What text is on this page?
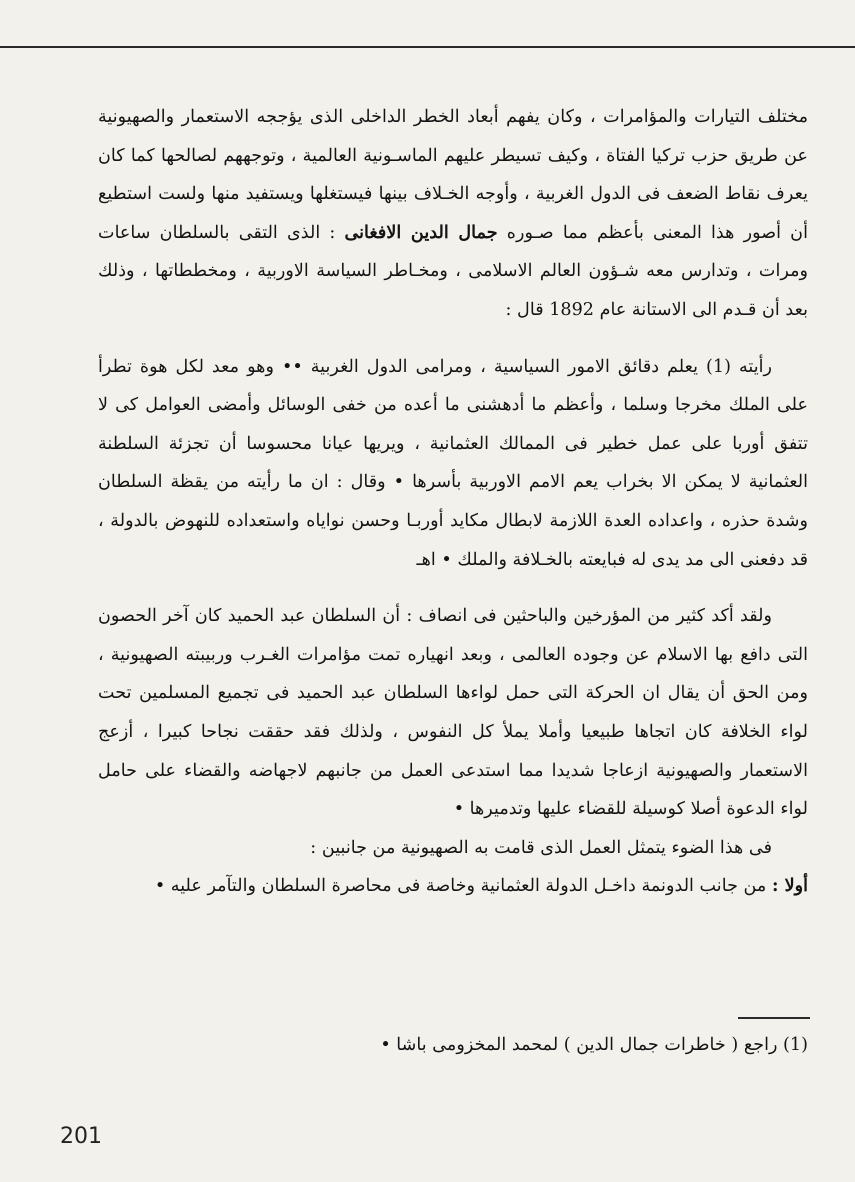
مختلف التيارات والمؤامرات ، وكان يفهم أبعاد الخطر الداخلى الذى يؤججه الاستعمار والصهيونية عن طريق حزب تركيا الفتاة ، وكيف تسيطر عليهم الماسـونية العالمية ، وتوجههم لصالحها كما كان يعرف نقاط الضعف فى الدول الغربية ، وأوجه الخـلاف بينها فيستغلها ويستفيد منها ولست استطيع أن أصور هذا المعنى بأعظم مما صـوره جمال الدين الافغانى : الذى التقى بالسلطان ساعات ومرات ، وتدارس معه شـؤون العالم الاسلامى ، ومخـاطر السياسة الاوربية ، ومخططاتها ، وذلك بعد أن قـدم الى الاستانة عام 1892 قال :

رأيته (1) يعلم دقائق الامور السياسية ، ومرامى الدول الغربية •• وهو معد لكل هوة تطرأ على الملك مخرجا وسلما ، وأعظم ما أدهشنى ما أعده من خفى الوسائل وأمضى العوامل كى لا تتفق أوربا على عمل خطير فى الممالك العثمانية ، ويريها عيانا محسوسا أن تجزئة السلطنة العثمانية لا يمكن الا بخراب يعم الامم الاوربية بأسرها • وقال : ان ما رأيته من يقظة السلطان وشدة حذره ، واعداده العدة اللازمة لابطال مكايد أوربـا وحسن نواياه واستعداده للنهوض بالدولة ، قد دفعنى الى مد يدى له فبايعته بالخـلافة والملك • اهـ

ولقد أكد كثير من المؤرخين والباحثين فى انصاف : أن السلطان عبد الحميد كان آخر الحصون التى دافع بها الاسلام عن وجوده العالمى ، وبعد انهياره تمت مؤامرات الغـرب وربيبته الصهيونية ، ومن الحق أن يقال ان الحركة التى حمل لواءها السلطان عبد الحميد فى تجميع المسلمين تحت لواء الخلافة كان اتجاها طبيعيا وأملا يملأ كل النفوس ، ولذلك فقد حققت نجاحا كبيرا ، أزعج الاستعمار والصهيونية ازعاجا شديدا مما استدعى العمل من جانبهم لاجهاضه والقضاء على حامل لواء الدعوة أصلا كوسيلة للقضاء عليها وتدميرها •

فى هذا الضوء يتمثل العمل الذى قامت به الصهيونية من جانبين :

أولا : من جانب الدونمة داخـل الدولة العثمانية وخاصة فى محاصرة السلطان والتآمر عليه •

(1) راجع ( خاطرات جمال الدين ) لمحمد المخزومى باشا •

201
